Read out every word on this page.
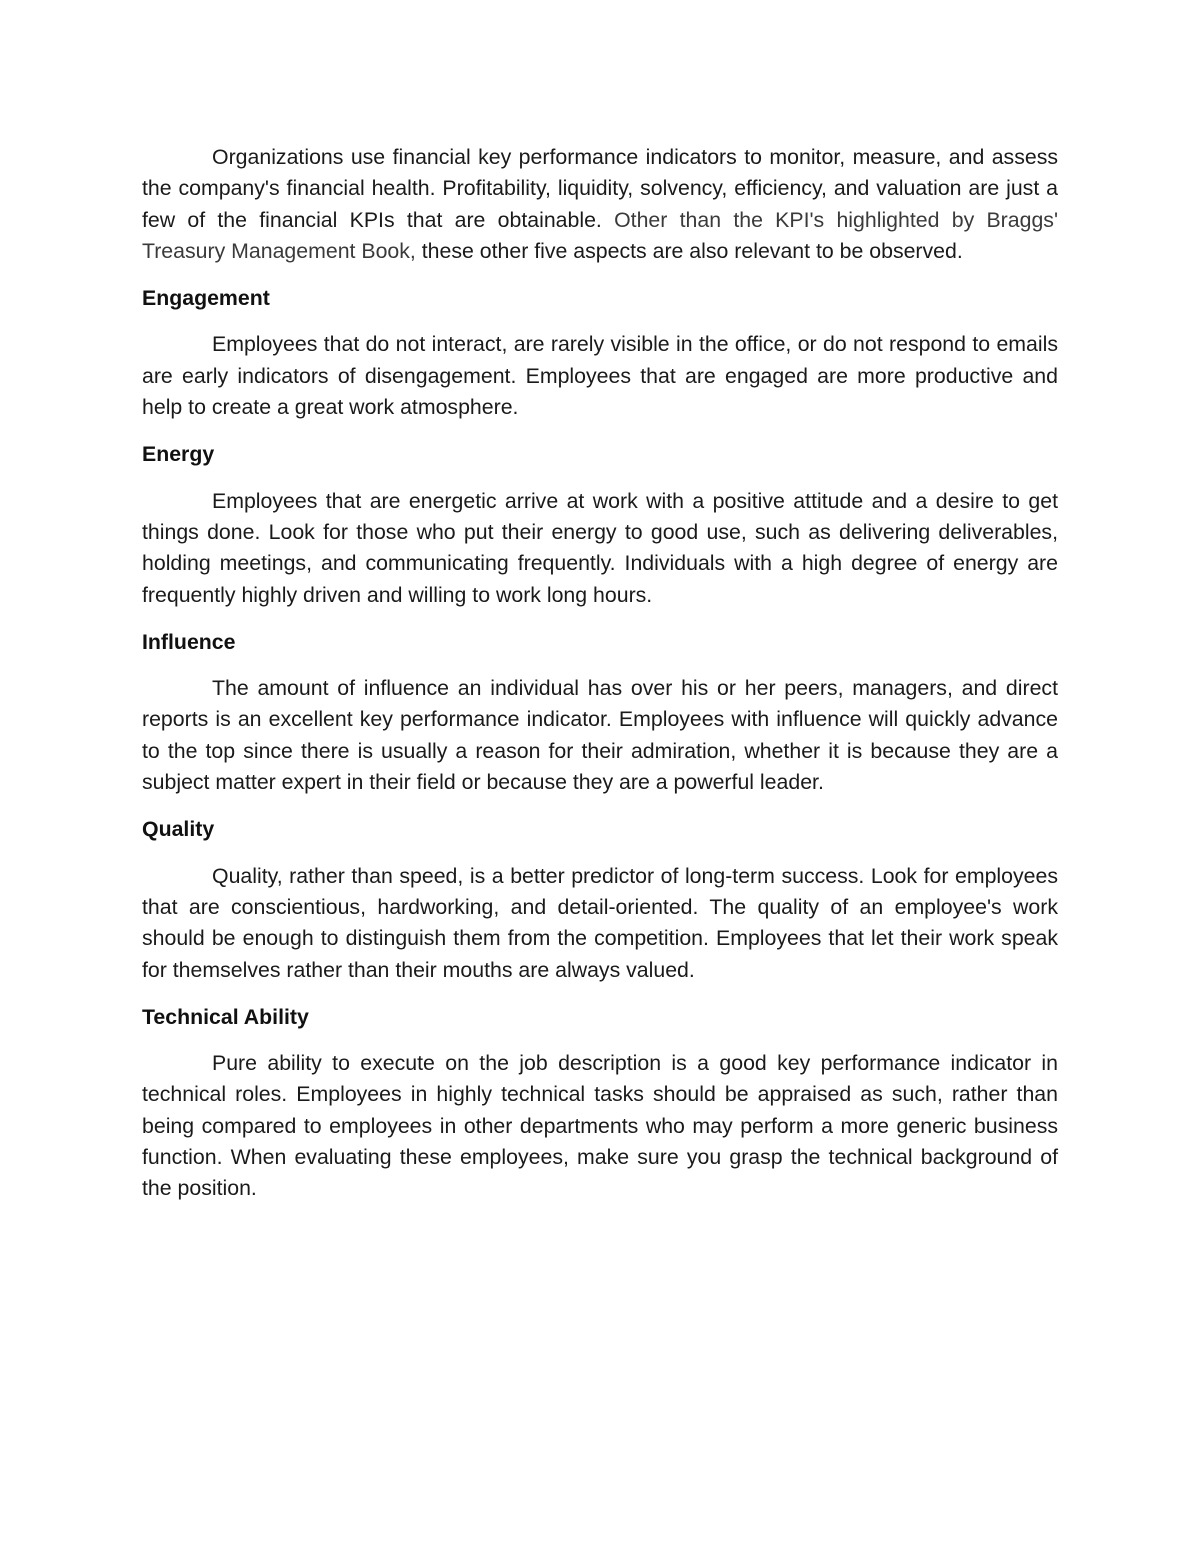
Organizations use financial key performance indicators to monitor, measure, and assess the company's financial health. Profitability, liquidity, solvency, efficiency, and valuation are just a few of the financial KPIs that are obtainable. Other than the KPI's highlighted by Braggs' Treasury Management Book, these other five aspects are also relevant to be observed.

Engagement

Employees that do not interact, are rarely visible in the office, or do not respond to emails are early indicators of disengagement. Employees that are engaged are more productive and help to create a great work atmosphere.

Energy

Employees that are energetic arrive at work with a positive attitude and a desire to get things done. Look for those who put their energy to good use, such as delivering deliverables, holding meetings, and communicating frequently. Individuals with a high degree of energy are frequently highly driven and willing to work long hours.

Influence

The amount of influence an individual has over his or her peers, managers, and direct reports is an excellent key performance indicator. Employees with influence will quickly advance to the top since there is usually a reason for their admiration, whether it is because they are a subject matter expert in their field or because they are a powerful leader.

Quality

Quality, rather than speed, is a better predictor of long-term success. Look for employees that are conscientious, hardworking, and detail-oriented. The quality of an employee's work should be enough to distinguish them from the competition. Employees that let their work speak for themselves rather than their mouths are always valued.

Technical Ability

Pure ability to execute on the job description is a good key performance indicator in technical roles. Employees in highly technical tasks should be appraised as such, rather than being compared to employees in other departments who may perform a more generic business function. When evaluating these employees, make sure you grasp the technical background of the position.
